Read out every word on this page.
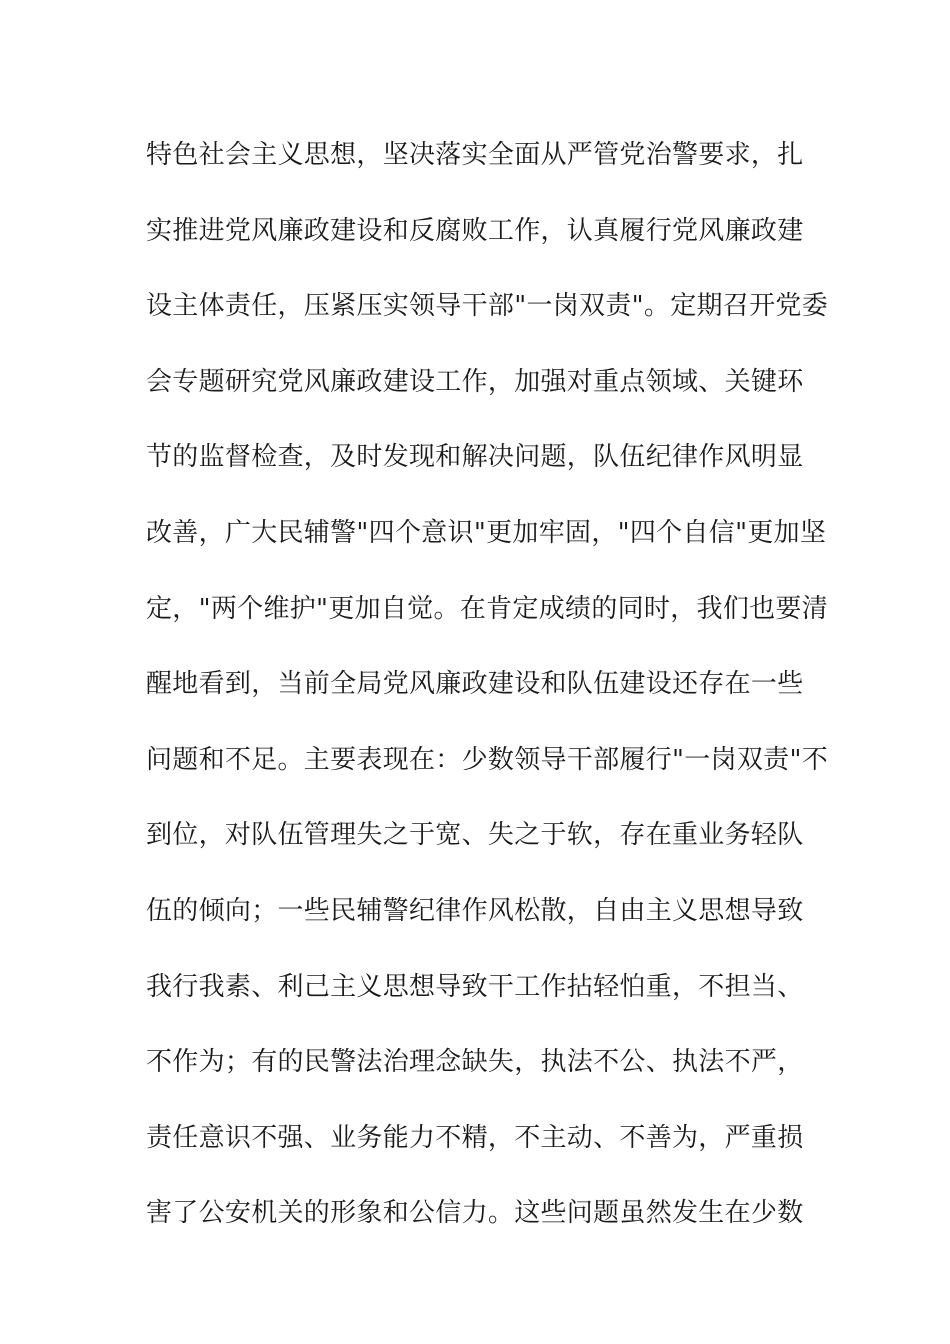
特色社会主义思想，坚决落实全面从严管党治警要求，扎
实推进党风廉政建设和反腐败工作，认真履行党风廉政建
设主体责任，压紧压实领导干部"一岗双责"。定期召开党委
会专题研究党风廉政建设工作，加强对重点领域、关键环
节的监督检查，及时发现和解决问题，队伍纪律作风明显
改善，广大民辅警"四个意识"更加牢固，"四个自信"更加坚
定，"两个维护"更加自觉。在肯定成绩的同时，我们也要清
醒地看到，当前全局党风廉政建设和队伍建设还存在一些
问题和不足。主要表现在：少数领导干部履行"一岗双责"不
到位，对队伍管理失之于宽、失之于软，存在重业务轻队
伍的倾向；一些民辅警纪律作风松散，自由主义思想导致
我行我素、利己主义思想导致干工作拈轻怕重，不担当、
不作为；有的民警法治理念缺失，执法不公、执法不严，
责任意识不强、业务能力不精，不主动、不善为，严重损
害了公安机关的形象和公信力。这些问题虽然发生在少数
